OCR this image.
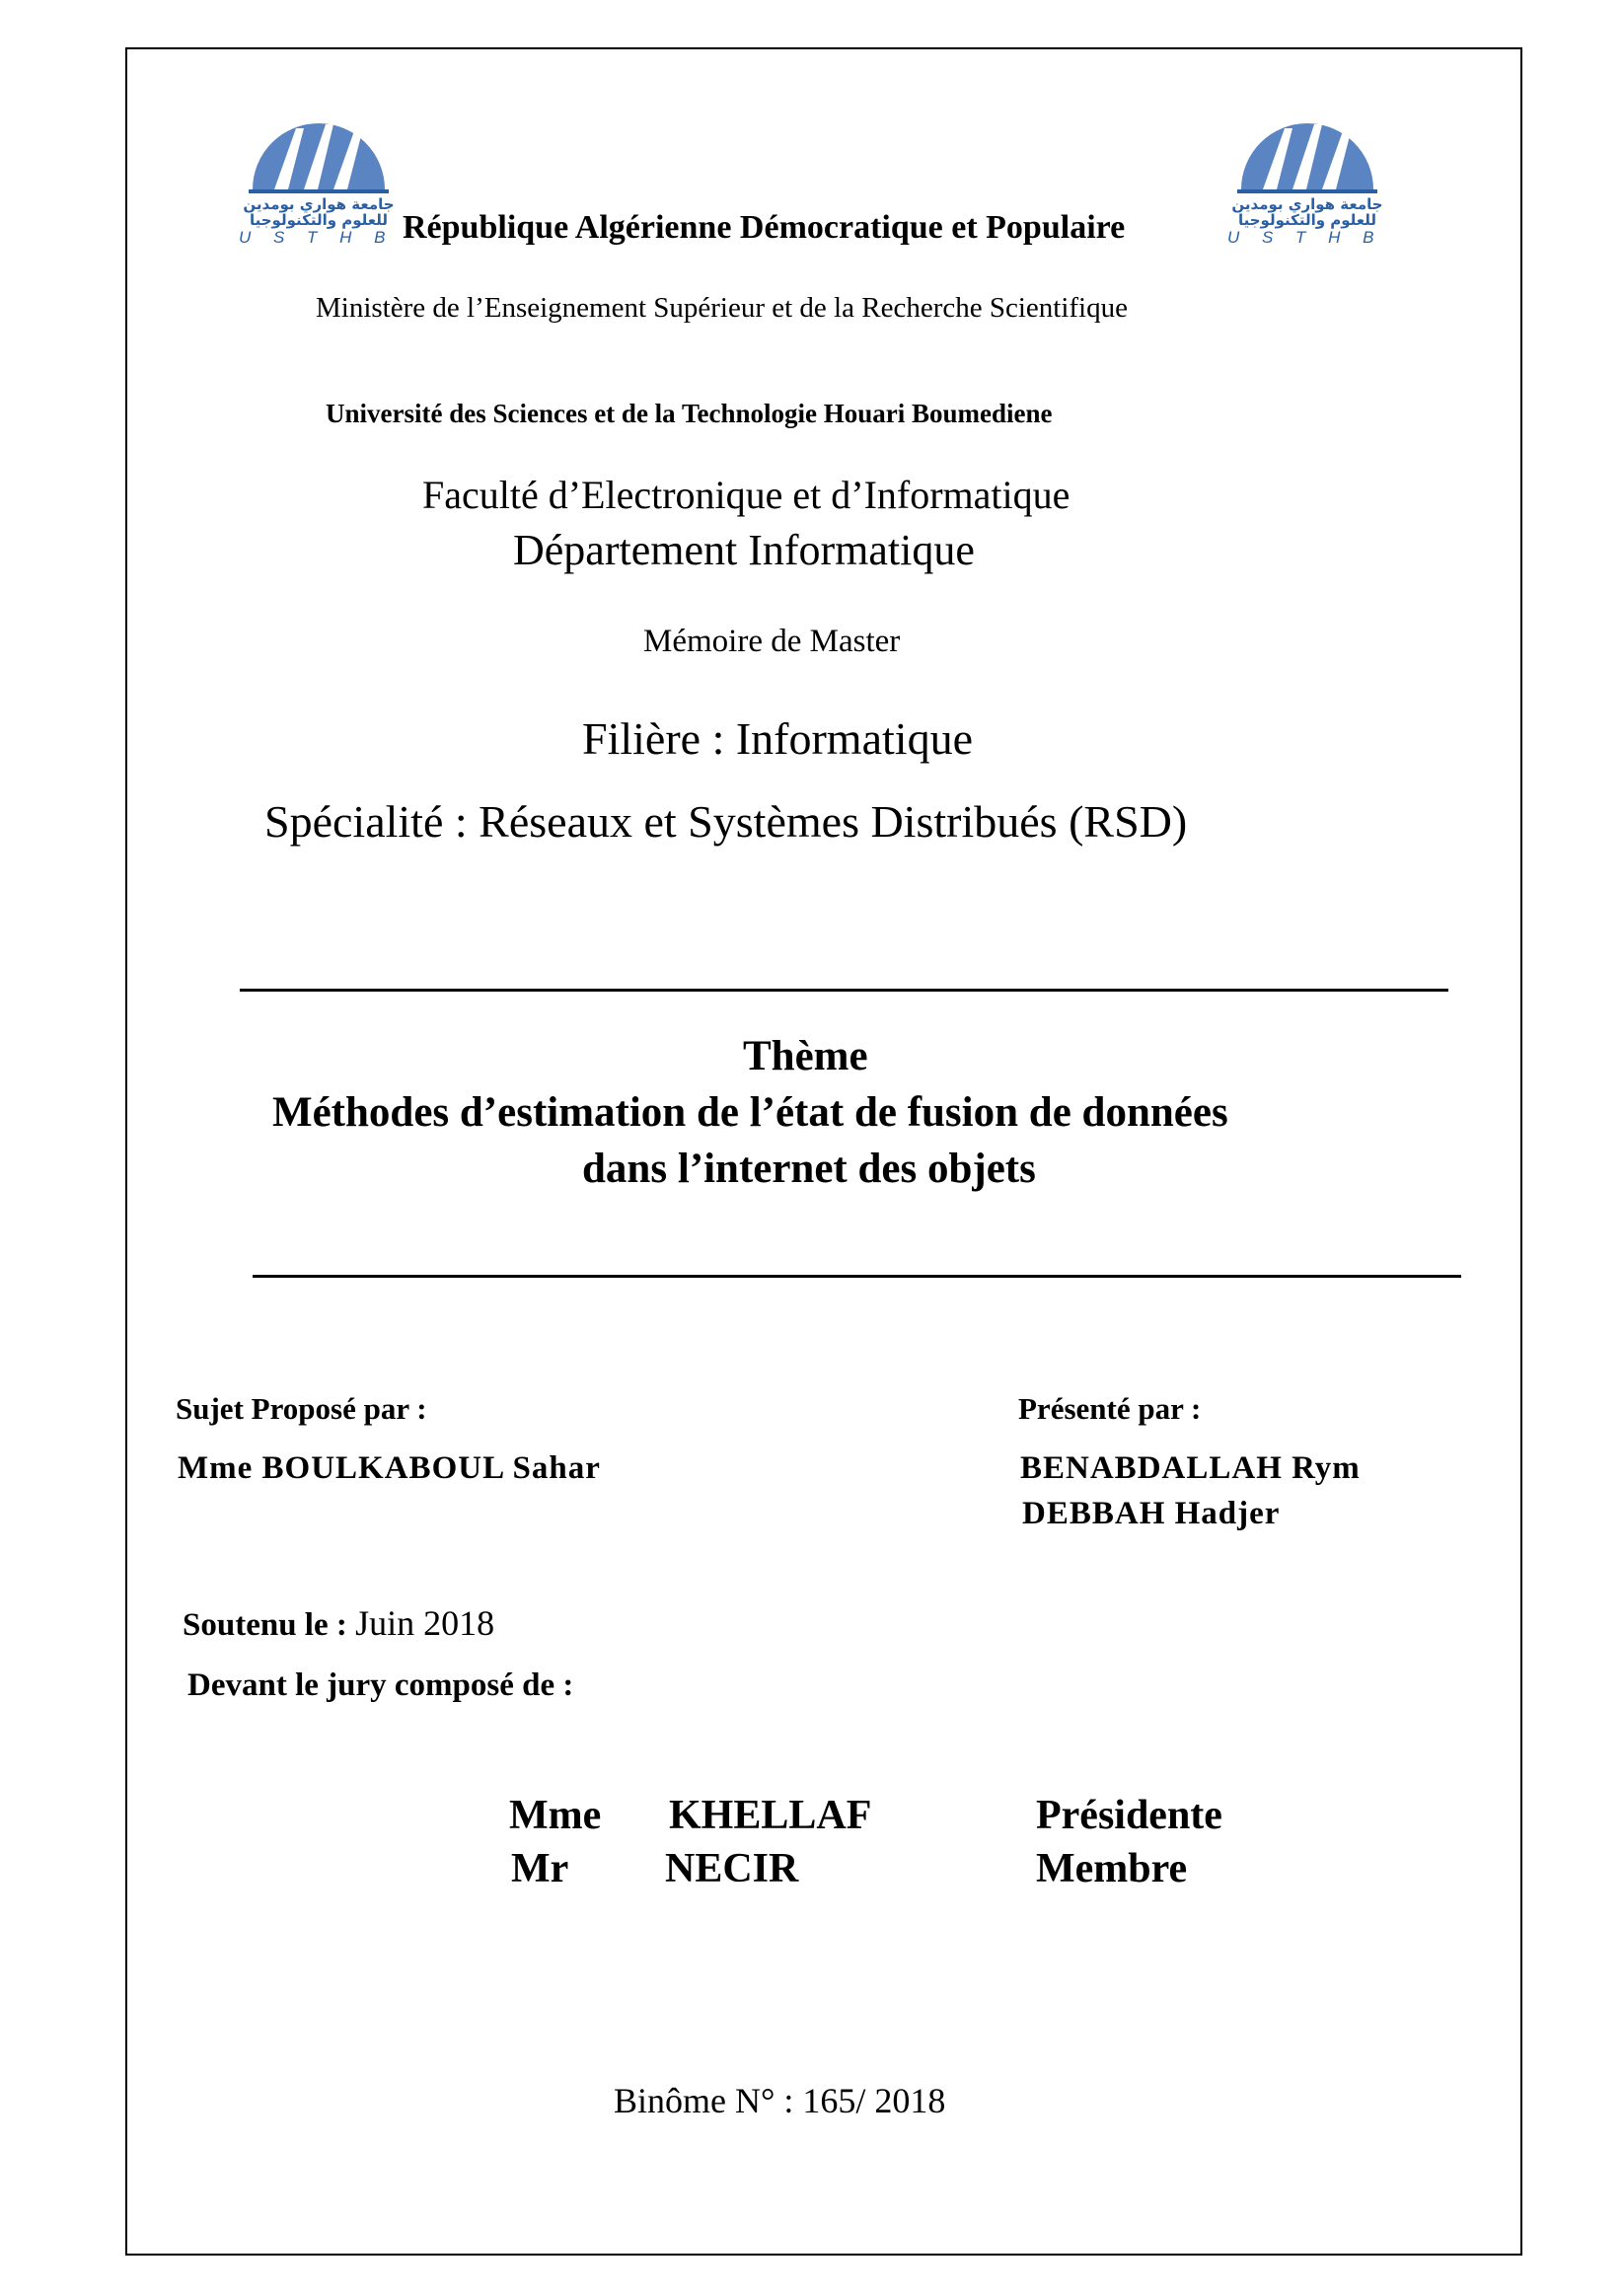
جامعة هواري بومدين
للعلوم والتكنولوجيا
U S T H B
جامعة هواري بومدين
للعلوم والتكنولوجيا
U S T H B
République Algérienne Démocratique et Populaire
Ministère de l’Enseignement Supérieur et de la Recherche Scientifique
Université des Sciences et de la Technologie Houari Boumediene
Faculté d’Electronique et d’Informatique
Département Informatique
Mémoire de Master
Filière : Informatique
Spécialité : Réseaux et Systèmes Distribués (RSD)
Thème
Méthodes d’estimation de l’état de fusion de données
dans l’internet des objets
Sujet Proposé par :
Mme BOULKABOUL Sahar
Présenté par :
BENABDALLAH Rym
DEBBAH Hadjer
Soutenu le : Juin 2018
Devant le jury composé de :
Mme KHELLAF	Présidente
Mr NECIR	Membre
Binôme N° : 165/ 2018
